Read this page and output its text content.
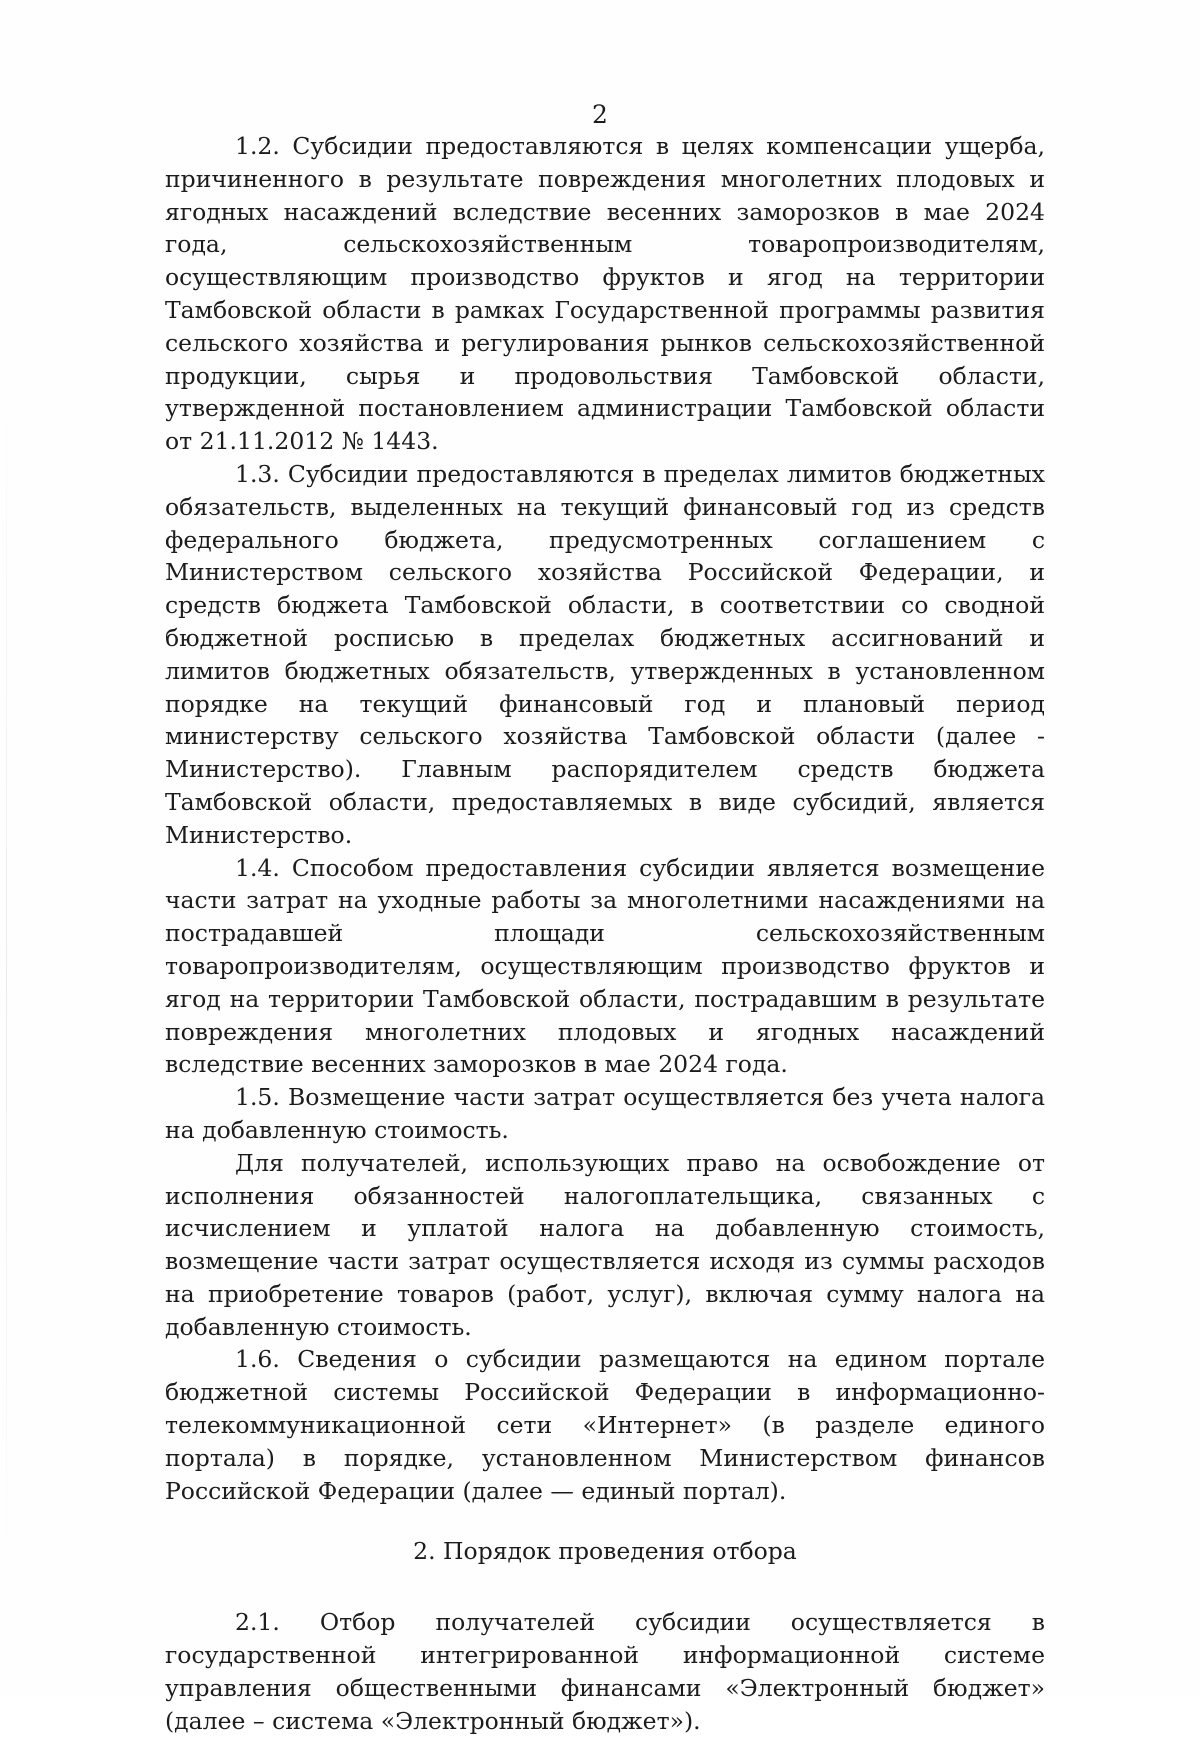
2

1.2. Субсидии предоставляются в целях компенсации ущерба, причиненного в результате повреждения многолетних плодовых и ягодных насаждений вследствие весенних заморозков в мае 2024 года, сельскохозяйственным товаропроизводителям, осуществляющим производство фруктов и ягод на территории Тамбовской области в рамках Государственной программы развития сельского хозяйства и регулирования рынков сельскохозяйственной продукции, сырья и продовольствия Тамбовской области, утвержденной постановлением администрации Тамбовской области от 21.11.2012 № 1443.

1.3. Субсидии предоставляются в пределах лимитов бюджетных обязательств, выделенных на текущий финансовый год из средств федерального бюджета, предусмотренных соглашением с Министерством сельского хозяйства Российской Федерации, и средств бюджета Тамбовской области, в соответствии со сводной бюджетной росписью в пределах бюджетных ассигнований и лимитов бюджетных обязательств, утвержденных в установленном порядке на текущий финансовый год и плановый период министерству сельского хозяйства Тамбовской области (далее - Министерство). Главным распорядителем средств бюджета Тамбовской области, предоставляемых в виде субсидий, является Министерство.

1.4. Способом предоставления субсидии является возмещение части затрат на уходные работы за многолетними насаждениями на пострадавшей площади сельскохозяйственным товаропроизводителям, осуществляющим производство фруктов и ягод на территории Тамбовской области, пострадавшим в результате повреждения многолетних плодовых и ягодных насаждений вследствие весенних заморозков в мае 2024 года.

1.5. Возмещение части затрат осуществляется без учета налога на добавленную стоимость.

Для получателей, использующих право на освобождение от исполнения обязанностей налогоплательщика, связанных с исчислением и уплатой налога на добавленную стоимость, возмещение части затрат осуществляется исходя из суммы расходов на приобретение товаров (работ, услуг), включая сумму налога на добавленную стоимость.

1.6. Сведения о субсидии размещаются на едином портале бюджетной системы Российской Федерации в информационно-телекоммуникационной сети «Интернет» (в разделе единого портала) в порядке, установленном Министерством финансов Российской Федерации (далее — единый портал).

2. Порядок проведения отбора

2.1. Отбор получателей субсидии осуществляется в государственной интегрированной информационной системе управления общественными финансами «Электронный бюджет» (далее – система «Электронный бюджет»).
